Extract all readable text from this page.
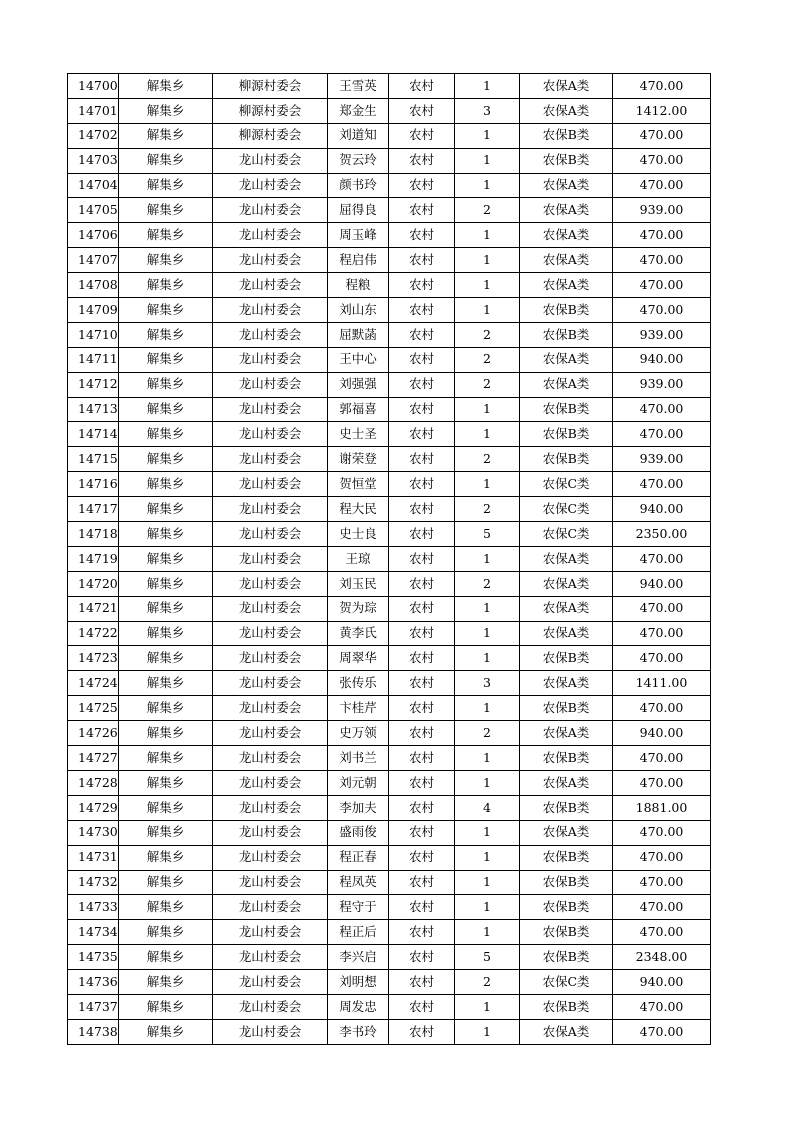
14700	解集乡	柳源村委会	王雪英	农村	1	农保A类	470.00
14701	解集乡	柳源村委会	郑金生	农村	3	农保A类	1412.00
14702	解集乡	柳源村委会	刘道知	农村	1	农保B类	470.00
14703	解集乡	龙山村委会	贺云玲	农村	1	农保B类	470.00
14704	解集乡	龙山村委会	颜书玲	农村	1	农保A类	470.00
14705	解集乡	龙山村委会	屈得良	农村	2	农保A类	939.00
14706	解集乡	龙山村委会	周玉峰	农村	1	农保A类	470.00
14707	解集乡	龙山村委会	程启伟	农村	1	农保A类	470.00
14708	解集乡	龙山村委会	程粮	农村	1	农保A类	470.00
14709	解集乡	龙山村委会	刘山东	农村	1	农保B类	470.00
14710	解集乡	龙山村委会	屈默菡	农村	2	农保B类	939.00
14711	解集乡	龙山村委会	王中心	农村	2	农保A类	940.00
14712	解集乡	龙山村委会	刘强强	农村	2	农保A类	939.00
14713	解集乡	龙山村委会	郭福喜	农村	1	农保B类	470.00
14714	解集乡	龙山村委会	史士圣	农村	1	农保B类	470.00
14715	解集乡	龙山村委会	谢荣登	农村	2	农保B类	939.00
14716	解集乡	龙山村委会	贺恒堂	农村	1	农保C类	470.00
14717	解集乡	龙山村委会	程大民	农村	2	农保C类	940.00
14718	解集乡	龙山村委会	史士良	农村	5	农保C类	2350.00
14719	解集乡	龙山村委会	王琼	农村	1	农保A类	470.00
14720	解集乡	龙山村委会	刘玉民	农村	2	农保A类	940.00
14721	解集乡	龙山村委会	贺为琮	农村	1	农保A类	470.00
14722	解集乡	龙山村委会	黄李氏	农村	1	农保A类	470.00
14723	解集乡	龙山村委会	周翠华	农村	1	农保B类	470.00
14724	解集乡	龙山村委会	张传乐	农村	3	农保A类	1411.00
14725	解集乡	龙山村委会	卞桂芹	农村	1	农保B类	470.00
14726	解集乡	龙山村委会	史万领	农村	2	农保A类	940.00
14727	解集乡	龙山村委会	刘书兰	农村	1	农保B类	470.00
14728	解集乡	龙山村委会	刘元朝	农村	1	农保A类	470.00
14729	解集乡	龙山村委会	李加夫	农村	4	农保B类	1881.00
14730	解集乡	龙山村委会	盛雨俊	农村	1	农保A类	470.00
14731	解集乡	龙山村委会	程正春	农村	1	农保B类	470.00
14732	解集乡	龙山村委会	程凤英	农村	1	农保B类	470.00
14733	解集乡	龙山村委会	程守于	农村	1	农保B类	470.00
14734	解集乡	龙山村委会	程正后	农村	1	农保B类	470.00
14735	解集乡	龙山村委会	李兴启	农村	5	农保B类	2348.00
14736	解集乡	龙山村委会	刘明想	农村	2	农保C类	940.00
14737	解集乡	龙山村委会	周发忠	农村	1	农保B类	470.00
14738	解集乡	龙山村委会	李书玲	农村	1	农保A类	470.00
